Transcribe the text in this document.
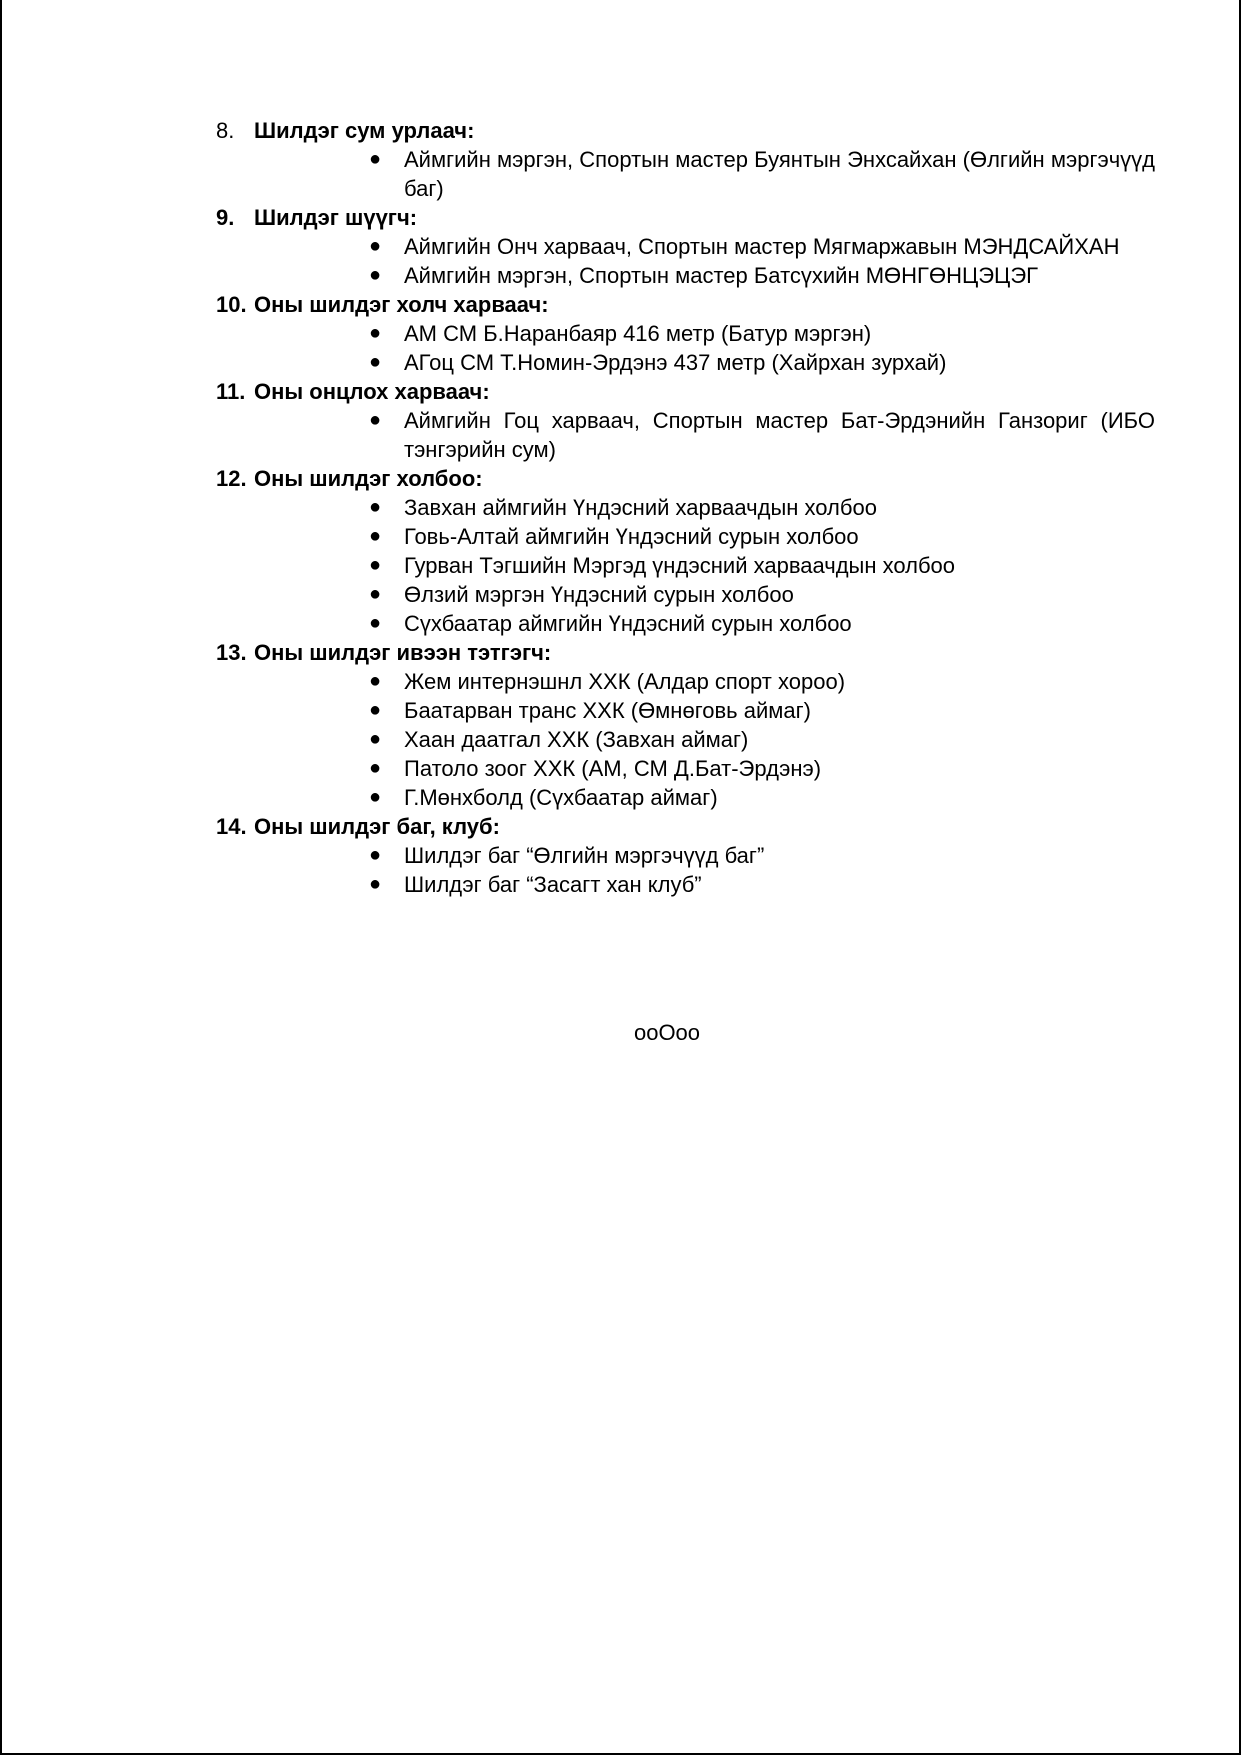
8. Шилдэг сум урлаач:
● Аймгийн мэргэн, Спортын мастер Буянтын Энхсайхан (Өлгийн мэргэчүүд баг)
9. Шилдэг шүүгч:
● Аймгийн Онч харваач, Спортын мастер Мягмаржавын МЭНДСАЙХАН
● Аймгийн мэргэн, Спортын мастер Батсүхийн МӨНГӨНЦЭЦЭГ
10. Оны шилдэг холч харваач:
● АМ СМ Б.Наранбаяр 416 метр (Батур мэргэн)
● АГоц СМ Т.Номин-Эрдэнэ 437 метр (Хайрхан зурхай)
11. Оны онцлох харваач:
● Аймгийн Гоц харваач, Спортын мастер Бат-Эрдэнийн Ганзориг (ИБО тэнгэрийн сум)
12. Оны шилдэг холбоо:
● Завхан аймгийн Үндэсний харваачдын холбоо
● Говь-Алтай аймгийн Үндэсний сурын холбоо
● Гурван Тэгшийн Мэргэд үндэсний харваачдын холбоо
● Өлзий мэргэн Үндэсний сурын холбоо
● Сүхбаатар аймгийн Үндэсний сурын холбоо
13. Оны шилдэг ивээн тэтгэгч:
● Жем интернэшнл ХХК (Алдар спорт хороо)
● Баатарван транс ХХК (Өмнөговь аймаг)
● Хаан даатгал ХХК (Завхан аймаг)
● Патоло зоог ХХК (АМ, СМ Д.Бат-Эрдэнэ)
● Г.Мөнхболд (Сүхбаатар аймаг)
14. Оны шилдэг баг, клуб:
● Шилдэг баг “Өлгийн мэргэчүүд баг”
● Шилдэг баг “Засагт хан клуб”
ooOoo
